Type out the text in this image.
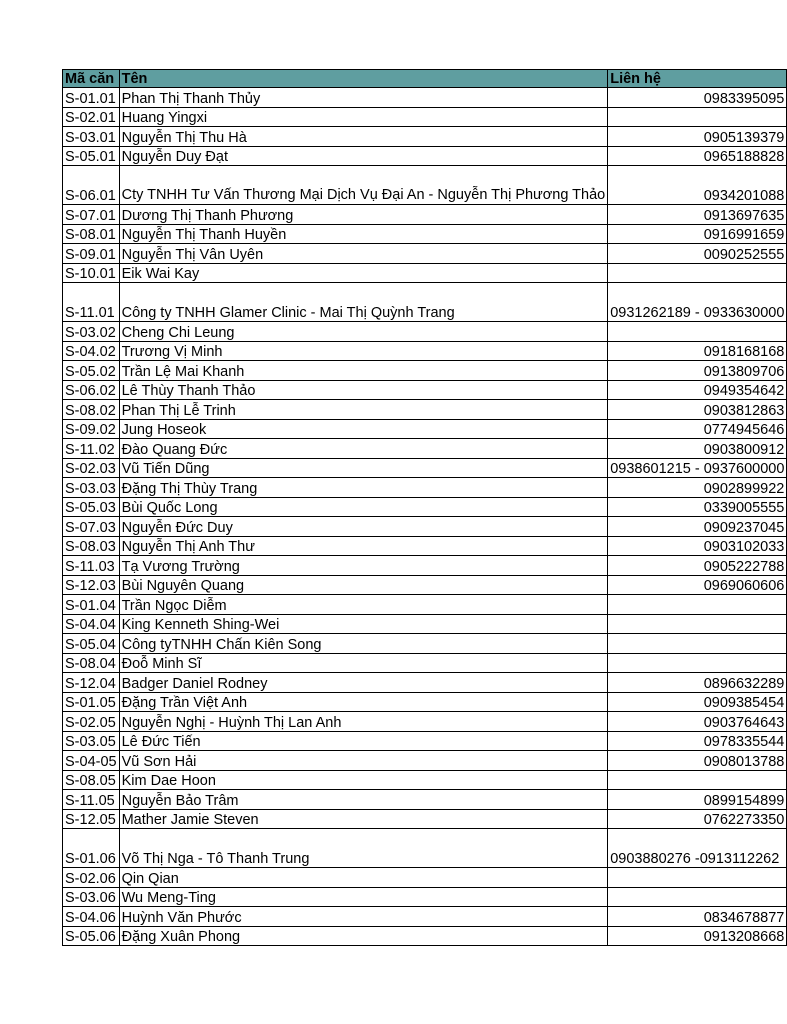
Mã căn	Tên	Liên hệ
S-01.01	Phan Thị Thanh Thủy	0983395095
S-02.01	Huang Yingxi	
S-03.01	Nguyễn Thị Thu Hà	0905139379
S-05.01	Nguyễn Duy Đạt	0965188828
S-06.01	Cty TNHH Tư Vấn Thương Mại Dịch Vụ Đại An - Nguyễn Thị Phương Thảo	0934201088
S-07.01	Dương Thị Thanh Phương	0913697635
S-08.01	Nguyễn Thị Thanh Huyền	0916991659
S-09.01	Nguyễn Thị Vân Uyên	0090252555
S-10.01	Eik Wai Kay	
S-11.01	Công ty TNHH Glamer Clinic - Mai Thị Quỳnh Trang	0931262189 - 0933630000
S-03.02	Cheng Chi Leung	
S-04.02	Trương Vị Minh	0918168168
S-05.02	Trần Lệ Mai Khanh	0913809706
S-06.02	Lê Thùy Thanh Thảo	0949354642
S-08.02	Phan Thị Lễ Trinh	0903812863
S-09.02	Jung Hoseok	0774945646
S-11.02	Đào Quang Đức	0903800912
S-02.03	Vũ Tiến Dũng	0938601215 - 0937600000
S-03.03	Đặng Thị Thùy Trang	0902899922
S-05.03	Bùi Quốc Long	0339005555
S-07.03	Nguyễn Đức Duy	0909237045
S-08.03	Nguyễn Thị Anh Thư	0903102033
S-11.03	Tạ Vương Trường	0905222788
S-12.03	Bùi Nguyên Quang	0969060606
S-01.04	Trần Ngọc Diễm	
S-04.04	King Kenneth Shing-Wei	
S-05.04	Công tyTNHH Chấn Kiên Song	
S-08.04	Đoỗ Minh Sĩ	
S-12.04	Badger Daniel Rodney	0896632289
S-01.05	Đặng Trần Việt Anh	0909385454
S-02.05	Nguyễn Nghị - Huỳnh Thị Lan Anh	0903764643
S-03.05	Lê Đức Tiến	0978335544
S-04-05	Vũ Sơn Hải	0908013788
S-08.05	Kim Dae Hoon	
S-11.05	Nguyễn Bảo Trâm	0899154899
S-12.05	Mather Jamie Steven	0762273350
S-01.06	Võ Thị Nga - Tô Thanh Trung	0903880276 -0913112262
S-02.06	Qin Qian	
S-03.06	Wu Meng-Ting	
S-04.06	Huỳnh Văn Phước	0834678877
S-05.06	Đặng Xuân Phong	0913208668
